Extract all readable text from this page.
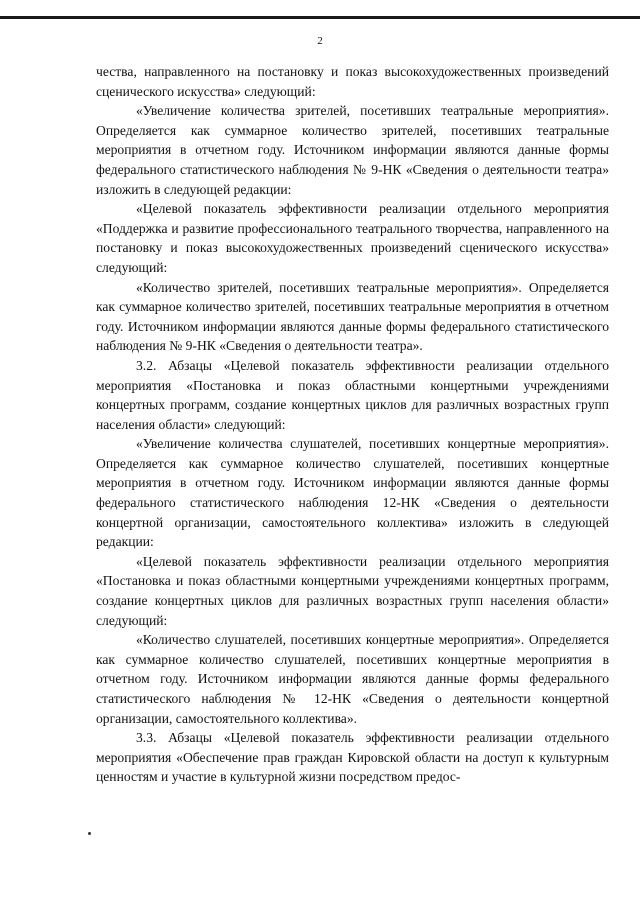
2

чества, направленного на постановку и показ высокохудожественных произведений сценического искусства» следующий:

«Увеличение количества зрителей, посетивших театральные мероприятия». Определяется как суммарное количество зрителей, посетивших театральные мероприятия в отчетном году. Источником информации являются данные формы федерального статистического наблюдения № 9-НК «Сведения о деятельности театра» изложить в следующей редакции:

«Целевой показатель эффективности реализации отдельного мероприятия «Поддержка и развитие профессионального театрального творчества, направленного на постановку и показ высокохудожественных произведений сценического искусства» следующий:

«Количество зрителей, посетивших театральные мероприятия». Определяется как суммарное количество зрителей, посетивших театральные мероприятия в отчетном году. Источником информации являются данные формы федерального статистического наблюдения № 9-НК «Сведения о деятельности театра».

3.2. Абзацы «Целевой показатель эффективности реализации отдельного мероприятия «Постановка и показ областными концертными учреждениями концертных программ, создание концертных циклов для различных возрастных групп населения области» следующий:

«Увеличение количества слушателей, посетивших концертные мероприятия». Определяется как суммарное количество слушателей, посетивших концертные мероприятия в отчетном году. Источником информации являются данные формы федерального статистического наблюдения 12-НК «Сведения о деятельности концертной организации, самостоятельного коллектива» изложить в следующей редакции:

«Целевой показатель эффективности реализации отдельного мероприятия «Постановка и показ областными концертными учреждениями концертных программ, создание концертных циклов для различных возрастных групп населения области» следующий:

«Количество слушателей, посетивших концертные мероприятия». Определяется как суммарное количество слушателей, посетивших концертные мероприятия в отчетном году. Источником информации являются данные формы федерального статистического наблюдения № 12-НК «Сведения о деятельности концертной организации, самостоятельного коллектива».

3.3. Абзацы «Целевой показатель эффективности реализации отдельного мероприятия «Обеспечение прав граждан Кировской области на доступ к культурным ценностям и участие в культурной жизни посредством предос-
